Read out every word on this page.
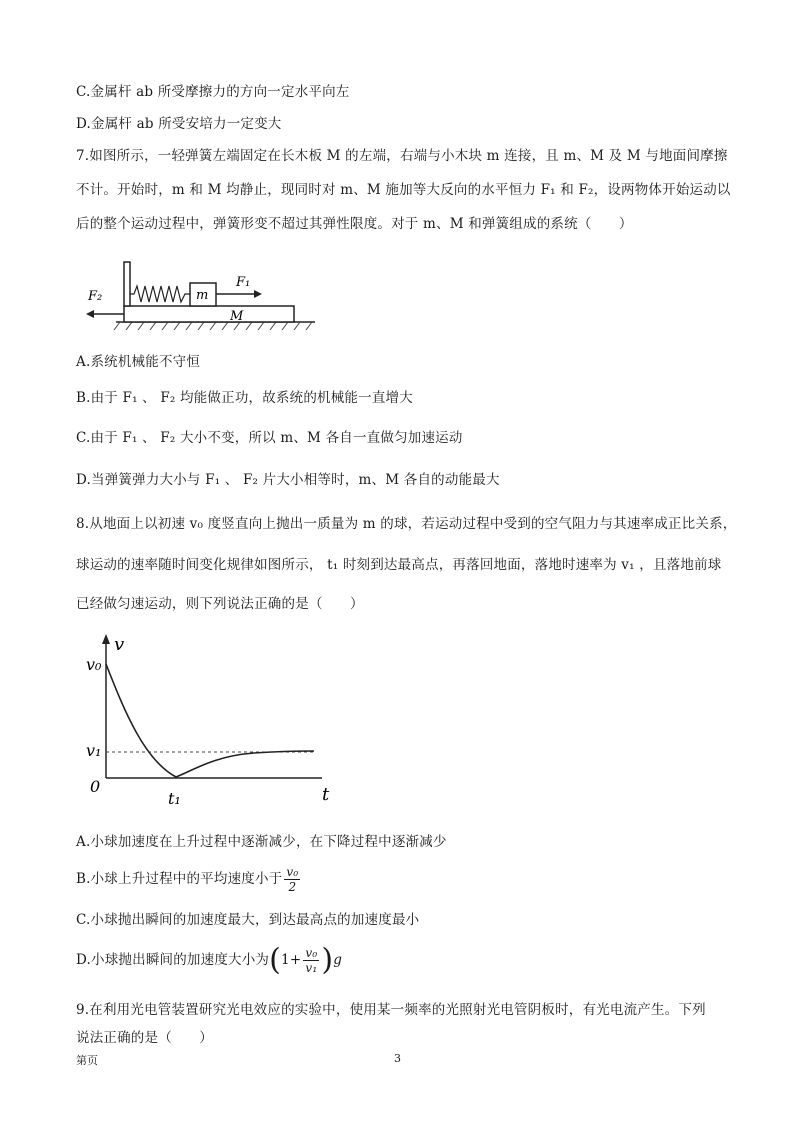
C.金属杆 ab 所受摩擦力的方向一定水平向左
D.金属杆 ab 所受安培力一定变大
7.如图所示，一轻弹簧左端固定在长木板 M 的左端，右端与小木块 m 连接，且 m、M 及 M 与地面间摩擦
不计。开始时，m 和 M 均静止，现同时对 m、M 施加等大反向的水平恒力 F₁ 和 F₂，设两物体开始运动以
后的整个运动过程中，弹簧形变不超过其弹性限度。对于 m、M 和弹簧组成的系统（　　）
m
F₁
F₂
M
A.系统机械能不守恒
B.由于 F₁ 、 F₂ 均能做正功，故系统的机械能一直增大
C.由于 F₁ 、 F₂ 大小不变，所以 m、M 各自一直做匀加速运动
D.当弹簧弹力大小与 F₁ 、 F₂ 片大小相等时，m、M 各自的动能最大
8.从地面上以初速 v₀ 度竖直向上抛出一质量为 m 的球，若运动过程中受到的空气阻力与其速率成正比关系，
球运动的速率随时间变化规律如图所示， t₁ 时刻到达最高点，再落回地面，落地时速率为 v₁ ，且落地前球
已经做匀速运动，则下列说法正确的是（　　）
v
v₀
v₁
0
t₁	t
A.小球加速度在上升过程中逐渐减少，在下降过程中逐渐减少
B.小球上升过程中的平均速度小于 $\frac{\text{v₀}}{2}$
C.小球抛出瞬间的加速度最大，到达最高点的加速度最小
D.小球抛出瞬间的加速度大小为$(1+ \frac{\text{v₀}}{\text{v₁}} )g$
9.在利用光电管装置研究光电效应的实验中，使用某一频率的光照射光电管阴板时，有光电流产生。下列
说法正确的是（　　）
第页	3
